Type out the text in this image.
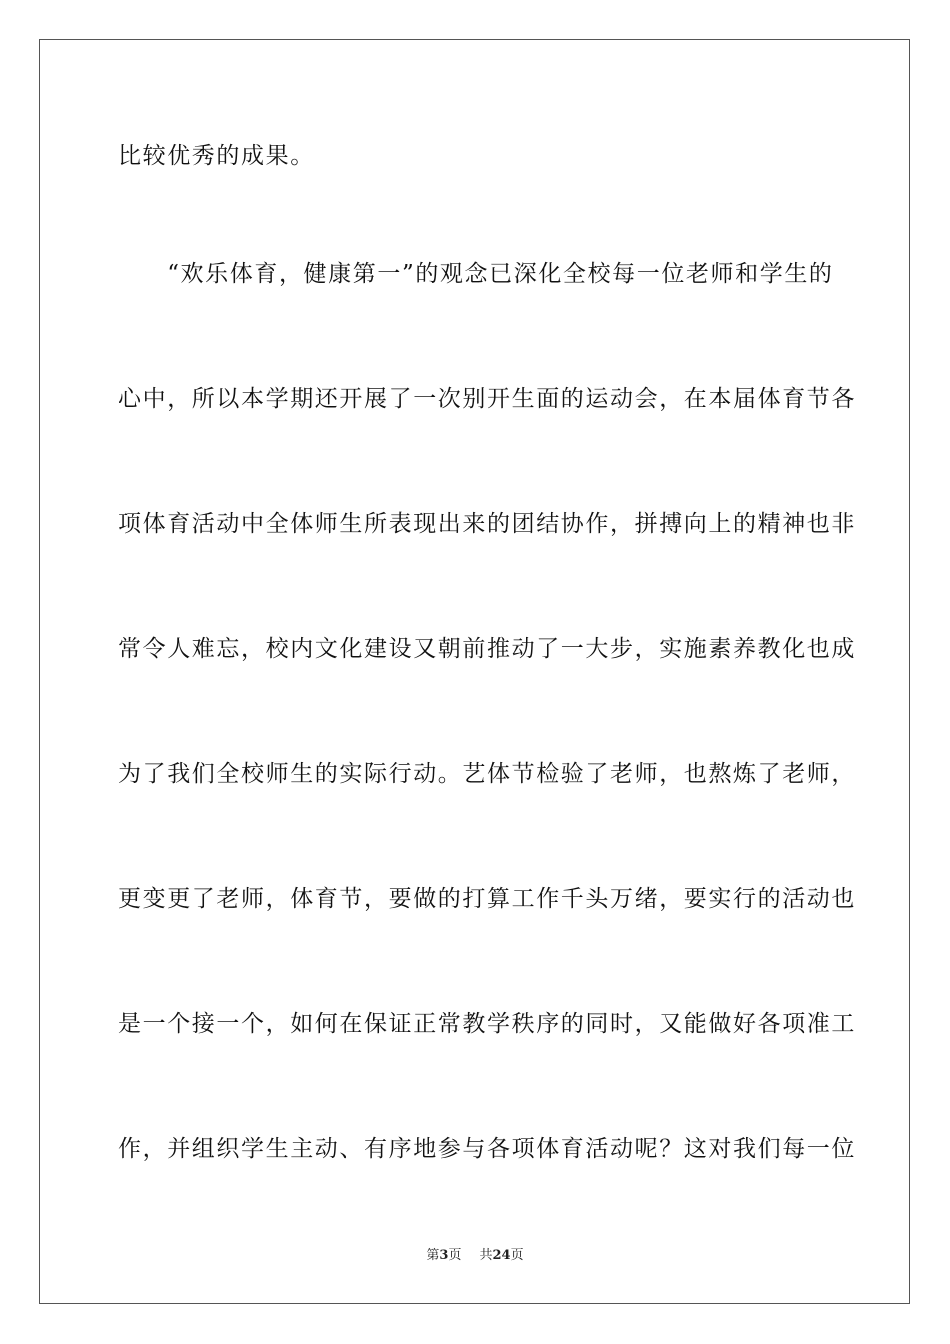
比较优秀的成果。
　　“欢乐体育，健康第一”的观念已深化全校每一位老师和学生的
心中，所以本学期还开展了一次别开生面的运动会，在本届体育节各
项体育活动中全体师生所表现出来的团结协作，拼搏向上的精神也非
常令人难忘，校内文化建设又朝前推动了一大步，实施素养教化也成
为了我们全校师生的实际行动。艺体节检验了老师，也熬炼了老师，
更变更了老师，体育节，要做的打算工作千头万绪，要实行的活动也
是一个接一个，如何在保证正常教学秩序的同时，又能做好各项准工
作，并组织学生主动、有序地参与各项体育活动呢？这对我们每一位
第3页 共24页
